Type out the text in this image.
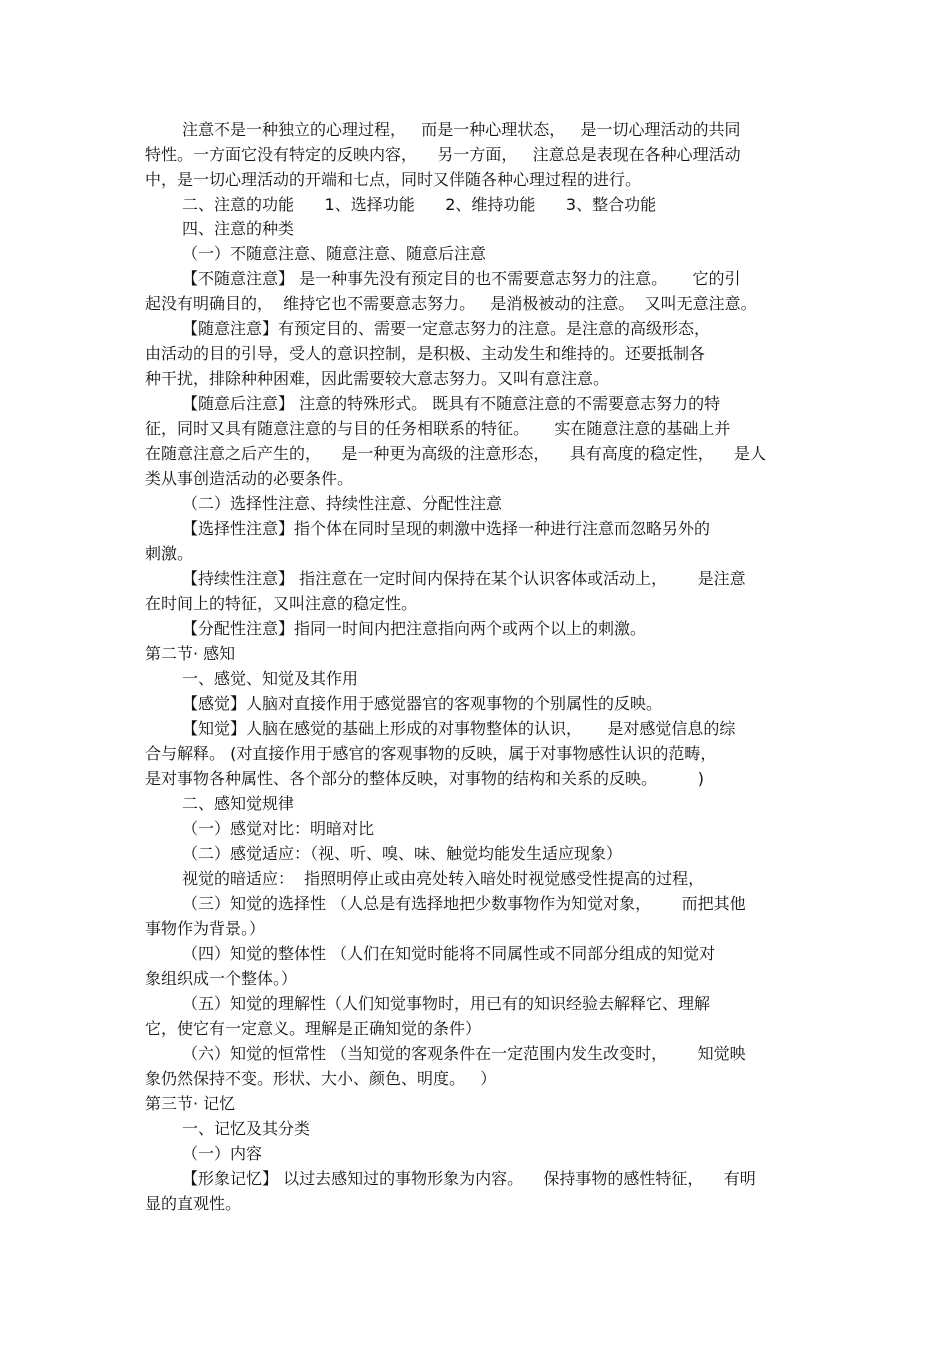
注意不是一种独立的心理过程，   而是一种心理状态，   是一切心理活动的共同

特性。一方面它没有特定的反映内容，    另一方面，   注意总是表现在各种心理活动

中，是一切心理活动的开端和七点，同时又伴随各种心理过程的进行。

二、注意的功能      1、选择功能      2、维持功能      3、整合功能

四、注意的种类

（一）不随意注意、随意注意、随意后注意

【不随意注意】 是一种事先没有预定目的也不需要意志努力的注意。     它的引

起没有明确目的，  维持它也不需要意志努力。   是消极被动的注意。  又叫无意注意。

【随意注意】有预定目的、需要一定意志努力的注意。是注意的高级形态，

由活动的目的引导，受人的意识控制，是积极、主动发生和维持的。还要抵制各

种干扰，排除种种困难，因此需要较大意志努力。又叫有意注意。

【随意后注意】 注意的特殊形式。 既具有不随意注意的不需要意志努力的特

征，同时又具有随意注意的与目的任务相联系的特征。     实在随意注意的基础上并

在随意注意之后产生的，    是一种更为高级的注意形态，    具有高度的稳定性，    是人

类从事创造活动的必要条件。

（二）选择性注意、持续性注意、分配性注意

【选择性注意】指个体在同时呈现的刺激中选择一种进行注意而忽略另外的

刺激。

【持续性注意】 指注意在一定时间内保持在某个认识客体或活动上，      是注意

在时间上的特征，又叫注意的稳定性。

【分配性注意】指同一时间内把注意指向两个或两个以上的刺激。

第二节· 感知

一、感觉、知觉及其作用

【感觉】人脑对直接作用于感觉器官的客观事物的个别属性的反映。

【知觉】人脑在感觉的基础上形成的对事物整体的认识，     是对感觉信息的综

合与解释。 (对直接作用于感官的客观事物的反映，属于对事物感性认识的范畴，

是对事物各种属性、各个部分的整体反映，对事物的结构和关系的反映。        )

二、感知觉规律

（一）感觉对比：明暗对比

（二）感觉适应：（视、听、嗅、味、触觉均能发生适应现象）

视觉的暗适应：  指照明停止或由亮处转入暗处时视觉感受性提高的过程，

（三）知觉的选择性 （人总是有选择地把少数事物作为知觉对象，      而把其他

事物作为背景。）

（四）知觉的整体性 （人们在知觉时能将不同属性或不同部分组成的知觉对

象组织成一个整体。）

（五）知觉的理解性（人们知觉事物时，用已有的知识经验去解释它、理解

它，使它有一定意义。理解是正确知觉的条件）

（六）知觉的恒常性 （当知觉的客观条件在一定范围内发生改变时，      知觉映

象仍然保持不变。形状、大小、颜色、明度。   ）

第三节· 记忆

一、记忆及其分类

（一）内容

【形象记忆】 以过去感知过的事物形象为内容。    保持事物的感性特征，    有明

显的直观性。
